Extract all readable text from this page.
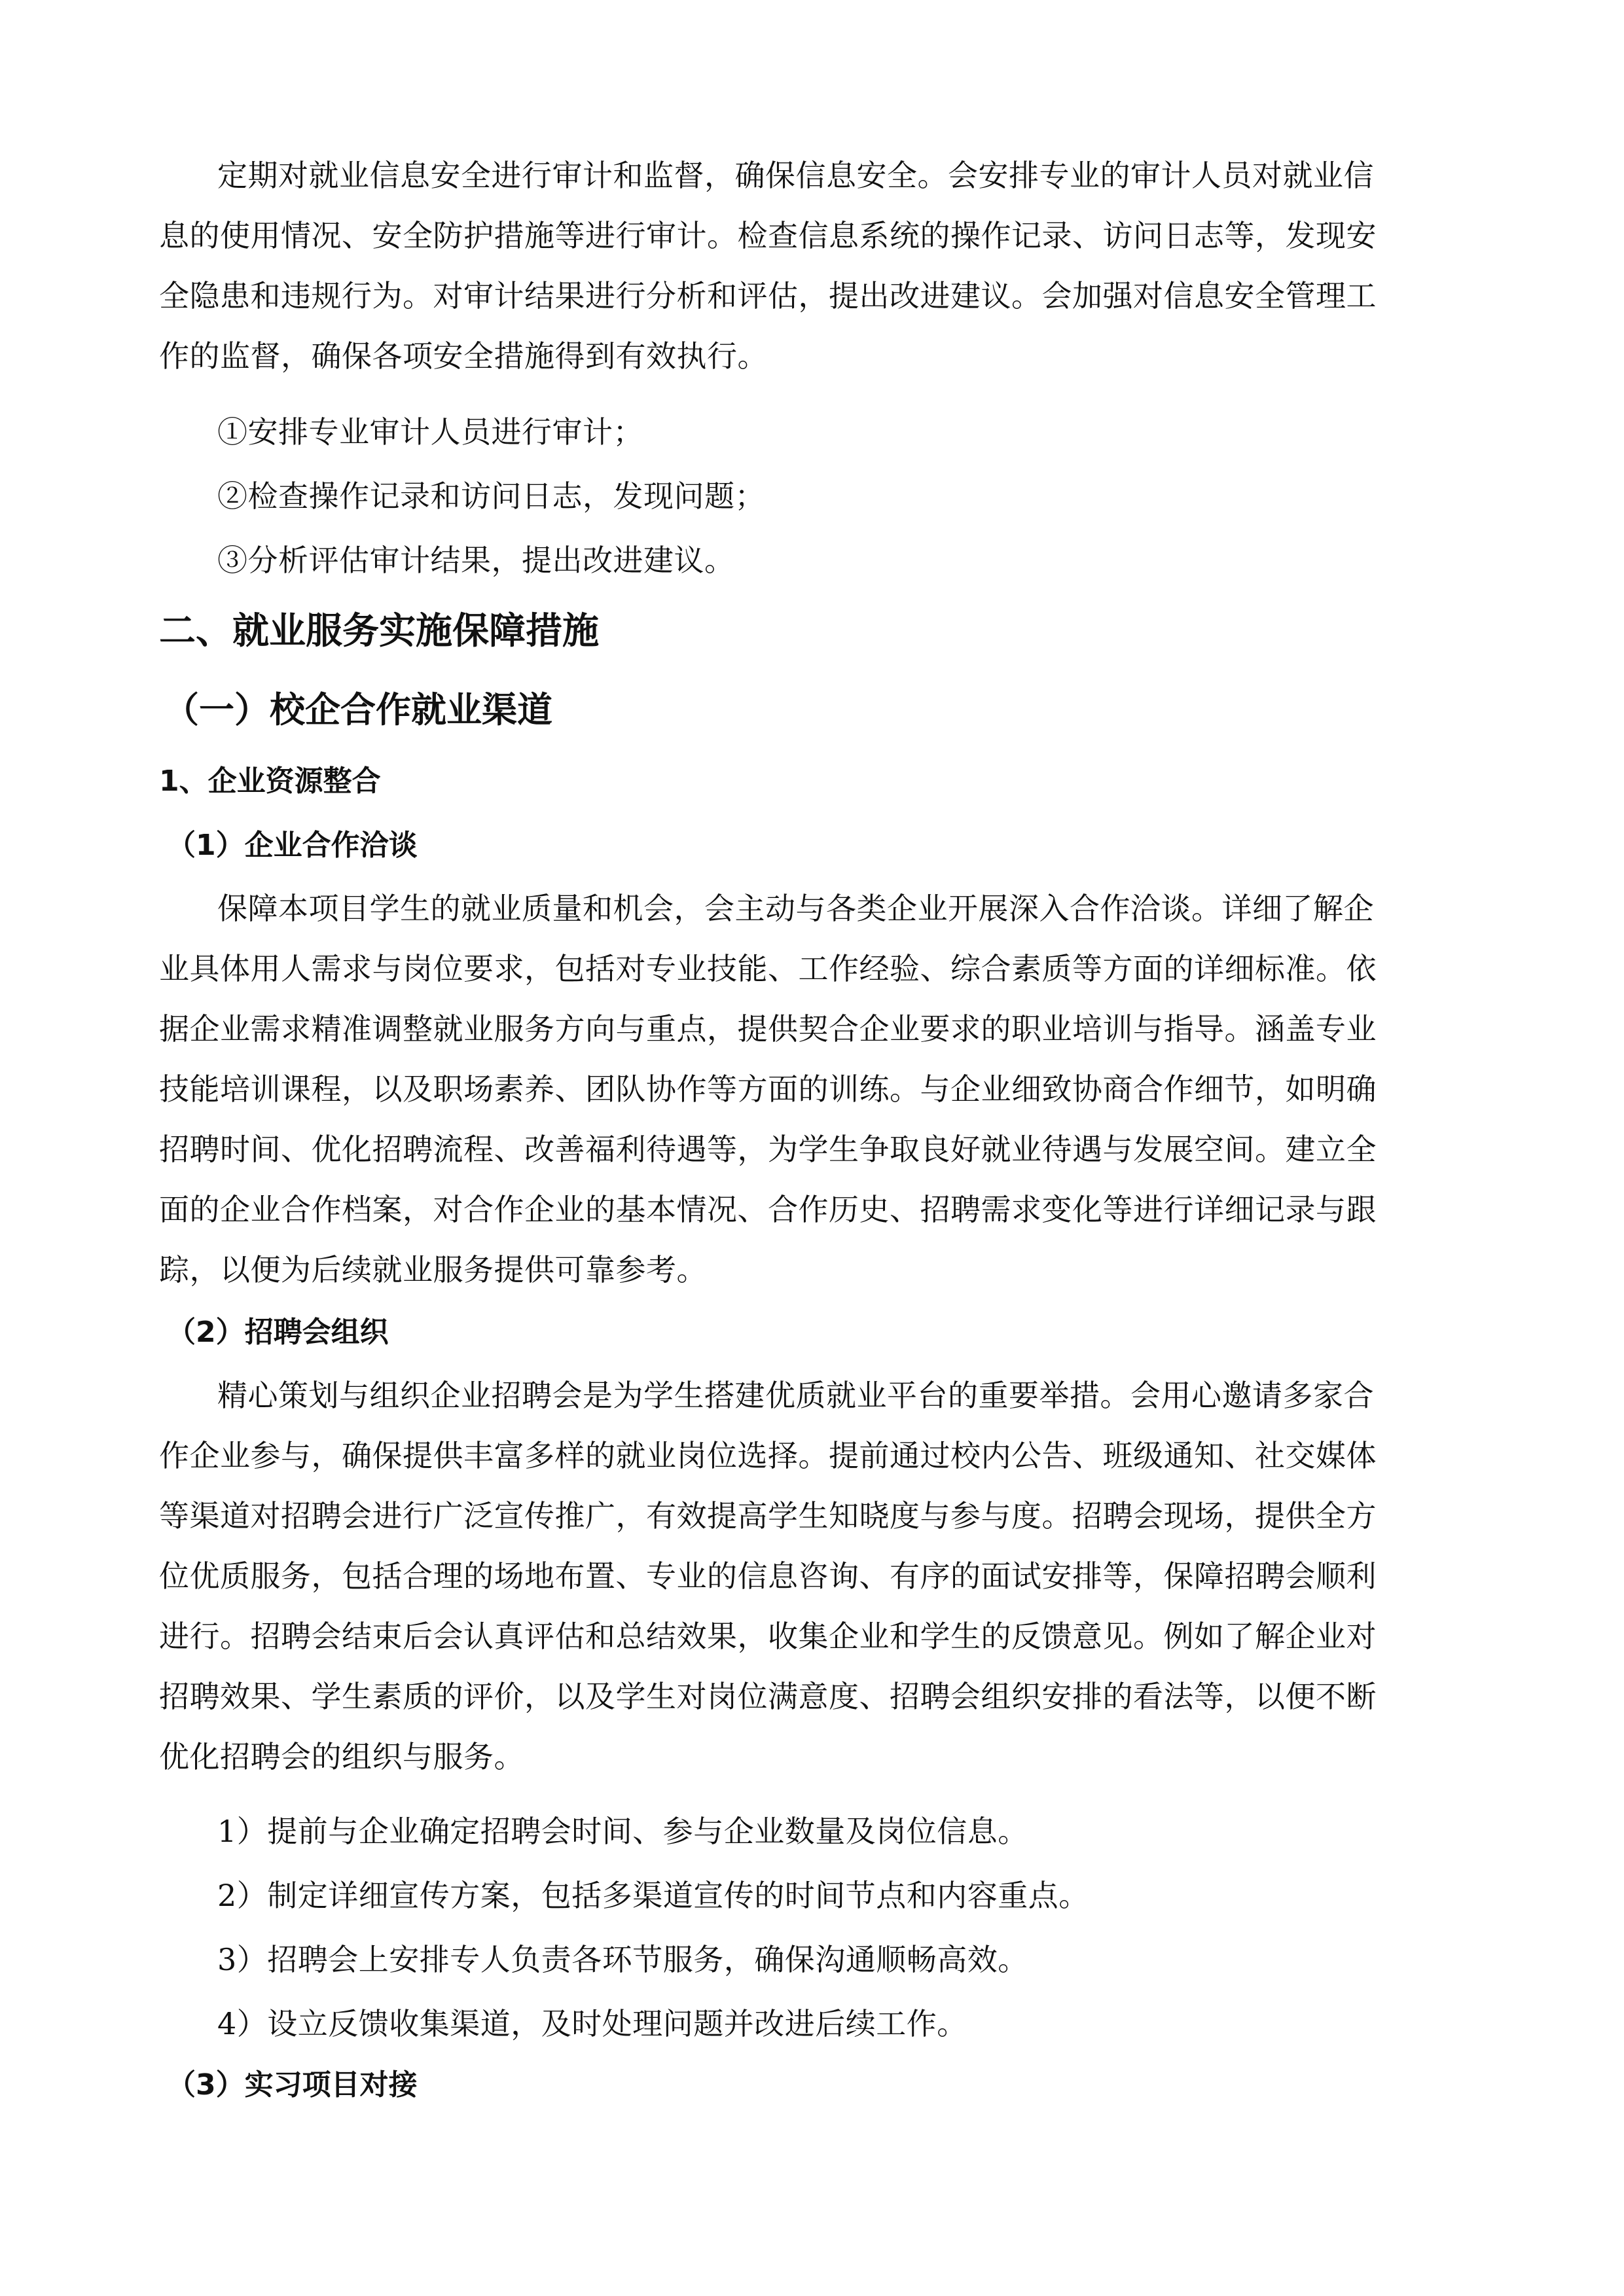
定期对就业信息安全进行审计和监督，确保信息安全。会安排专业的审计人员对就业信
息的使用情况、安全防护措施等进行审计。检查信息系统的操作记录、访问日志等，发现安
全隐患和违规行为。对审计结果进行分析和评估，提出改进建议。会加强对信息安全管理工
作的监督，确保各项安全措施得到有效执行。
①安排专业审计人员进行审计；
②检查操作记录和访问日志，发现问题；
③分析评估审计结果，提出改进建议。
二、就业服务实施保障措施
（一）校企合作就业渠道
1、企业资源整合
（1）企业合作洽谈
保障本项目学生的就业质量和机会，会主动与各类企业开展深入合作洽谈。详细了解企
业具体用人需求与岗位要求，包括对专业技能、工作经验、综合素质等方面的详细标准。依
据企业需求精准调整就业服务方向与重点，提供契合企业要求的职业培训与指导。涵盖专业
技能培训课程，以及职场素养、团队协作等方面的训练。与企业细致协商合作细节，如明确
招聘时间、优化招聘流程、改善福利待遇等，为学生争取良好就业待遇与发展空间。建立全
面的企业合作档案，对合作企业的基本情况、合作历史、招聘需求变化等进行详细记录与跟
踪，以便为后续就业服务提供可靠参考。
（2）招聘会组织
精心策划与组织企业招聘会是为学生搭建优质就业平台的重要举措。会用心邀请多家合
作企业参与，确保提供丰富多样的就业岗位选择。提前通过校内公告、班级通知、社交媒体
等渠道对招聘会进行广泛宣传推广，有效提高学生知晓度与参与度。招聘会现场，提供全方
位优质服务，包括合理的场地布置、专业的信息咨询、有序的面试安排等，保障招聘会顺利
进行。招聘会结束后会认真评估和总结效果，收集企业和学生的反馈意见。例如了解企业对
招聘效果、学生素质的评价，以及学生对岗位满意度、招聘会组织安排的看法等，以便不断
优化招聘会的组织与服务。
1）提前与企业确定招聘会时间、参与企业数量及岗位信息。
2）制定详细宣传方案，包括多渠道宣传的时间节点和内容重点。
3）招聘会上安排专人负责各环节服务，确保沟通顺畅高效。
4）设立反馈收集渠道，及时处理问题并改进后续工作。
（3）实习项目对接
